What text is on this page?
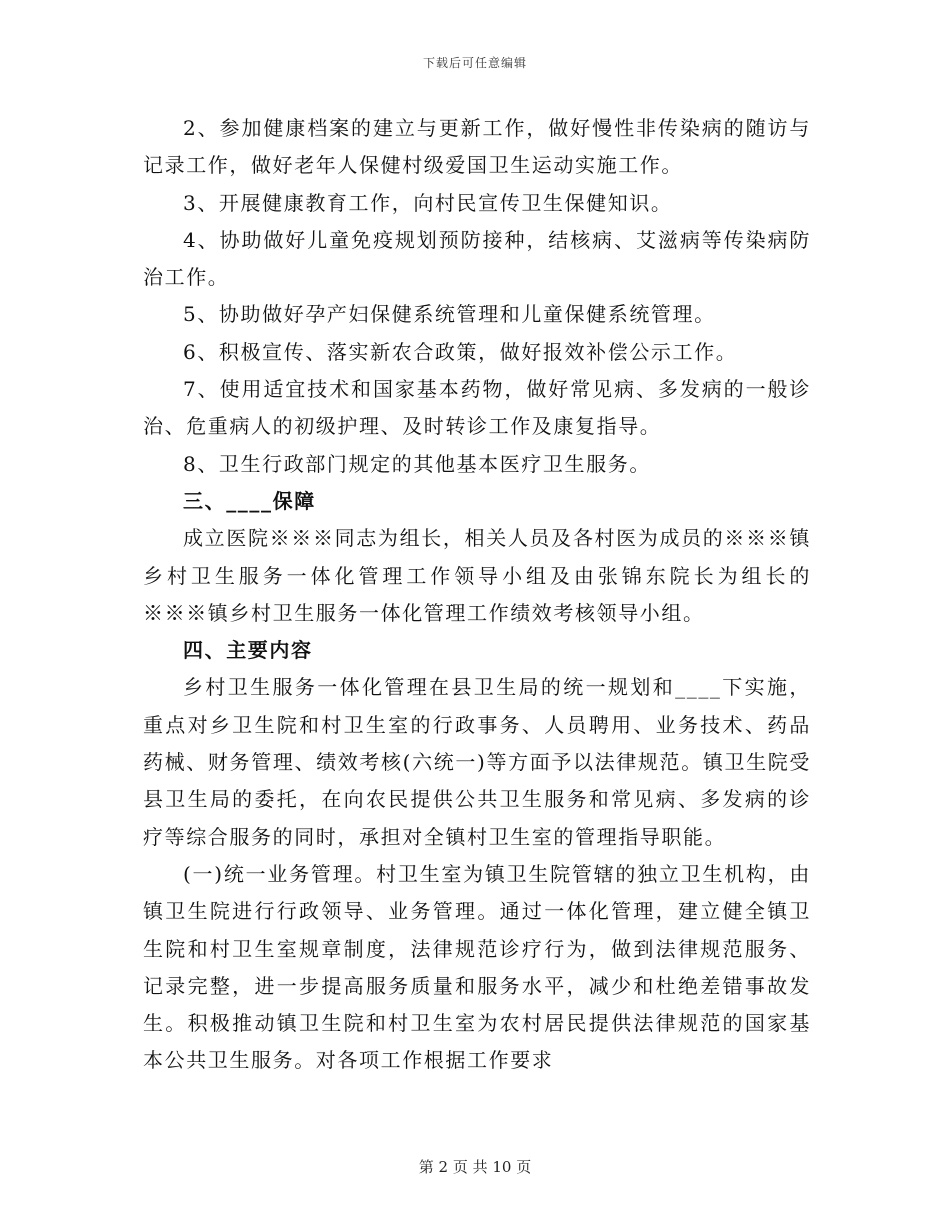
下载后可任意编辑

2、参加健康档案的建立与更新工作，做好慢性非传染病的随访与记录工作，做好老年人保健村级爱国卫生运动实施工作。

3、开展健康教育工作，向村民宣传卫生保健知识。

4、协助做好儿童免疫规划预防接种，结核病、艾滋病等传染病防治工作。

5、协助做好孕产妇保健系统管理和儿童保健系统管理。

6、积极宣传、落实新农合政策，做好报效补偿公示工作。

7、使用适宜技术和国家基本药物，做好常见病、多发病的一般诊治、危重病人的初级护理、及时转诊工作及康复指导。

8、卫生行政部门规定的其他基本医疗卫生服务。

三、____保障

成立医院※※※同志为组长，相关人员及各村医为成员的※※※镇乡村卫生服务一体化管理工作领导小组及由张锦东院长为组长的※※※镇乡村卫生服务一体化管理工作绩效考核领导小组。

四、主要内容

乡村卫生服务一体化管理在县卫生局的统一规划和____下实施，重点对乡卫生院和村卫生室的行政事务、人员聘用、业务技术、药品药械、财务管理、绩效考核(六统一)等方面予以法律规范。镇卫生院受县卫生局的委托，在向农民提供公共卫生服务和常见病、多发病的诊疗等综合服务的同时，承担对全镇村卫生室的管理指导职能。

(一)统一业务管理。村卫生室为镇卫生院管辖的独立卫生机构，由镇卫生院进行行政领导、业务管理。通过一体化管理，建立健全镇卫生院和村卫生室规章制度，法律规范诊疗行为，做到法律规范服务、记录完整，进一步提高服务质量和服务水平，减少和杜绝差错事故发生。积极推动镇卫生院和村卫生室为农村居民提供法律规范的国家基本公共卫生服务。对各项工作根据工作要求

第 2 页 共 10 页
